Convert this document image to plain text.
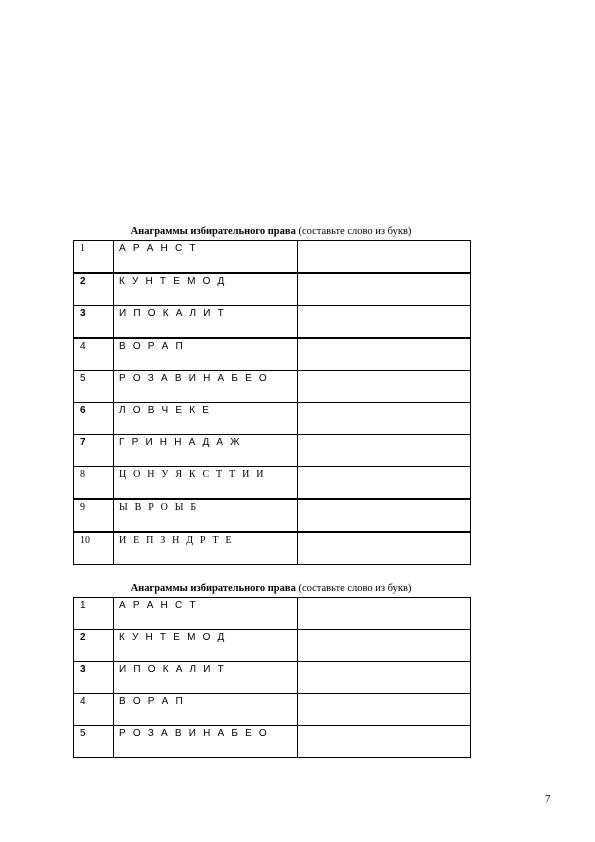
Анаграммы избирательного права (составьте слово из букв)
1	А Р А Н С Т	
2	К У Н Т Е М О Д	
3	И П О К А Л И Т	
4	В О Р А П	
5	Р О З А В И Н А Б Е О	
6	Л О В Ч Е К Е	
7	Г Р И Н Н А Д А Ж	
8	Ц О Н У Я К С Т Т И И	
9	Ы В Р О Ы Б	
10	И Е П З Н Д Р Т Е	
Анаграммы избирательного права (составьте слово из букв)
1	А Р А Н С Т	
2	К У Н Т Е М О Д	
3	И П О К А Л И Т	
4	В О Р А П	
5	Р О З А В И Н А Б Е О	
7
